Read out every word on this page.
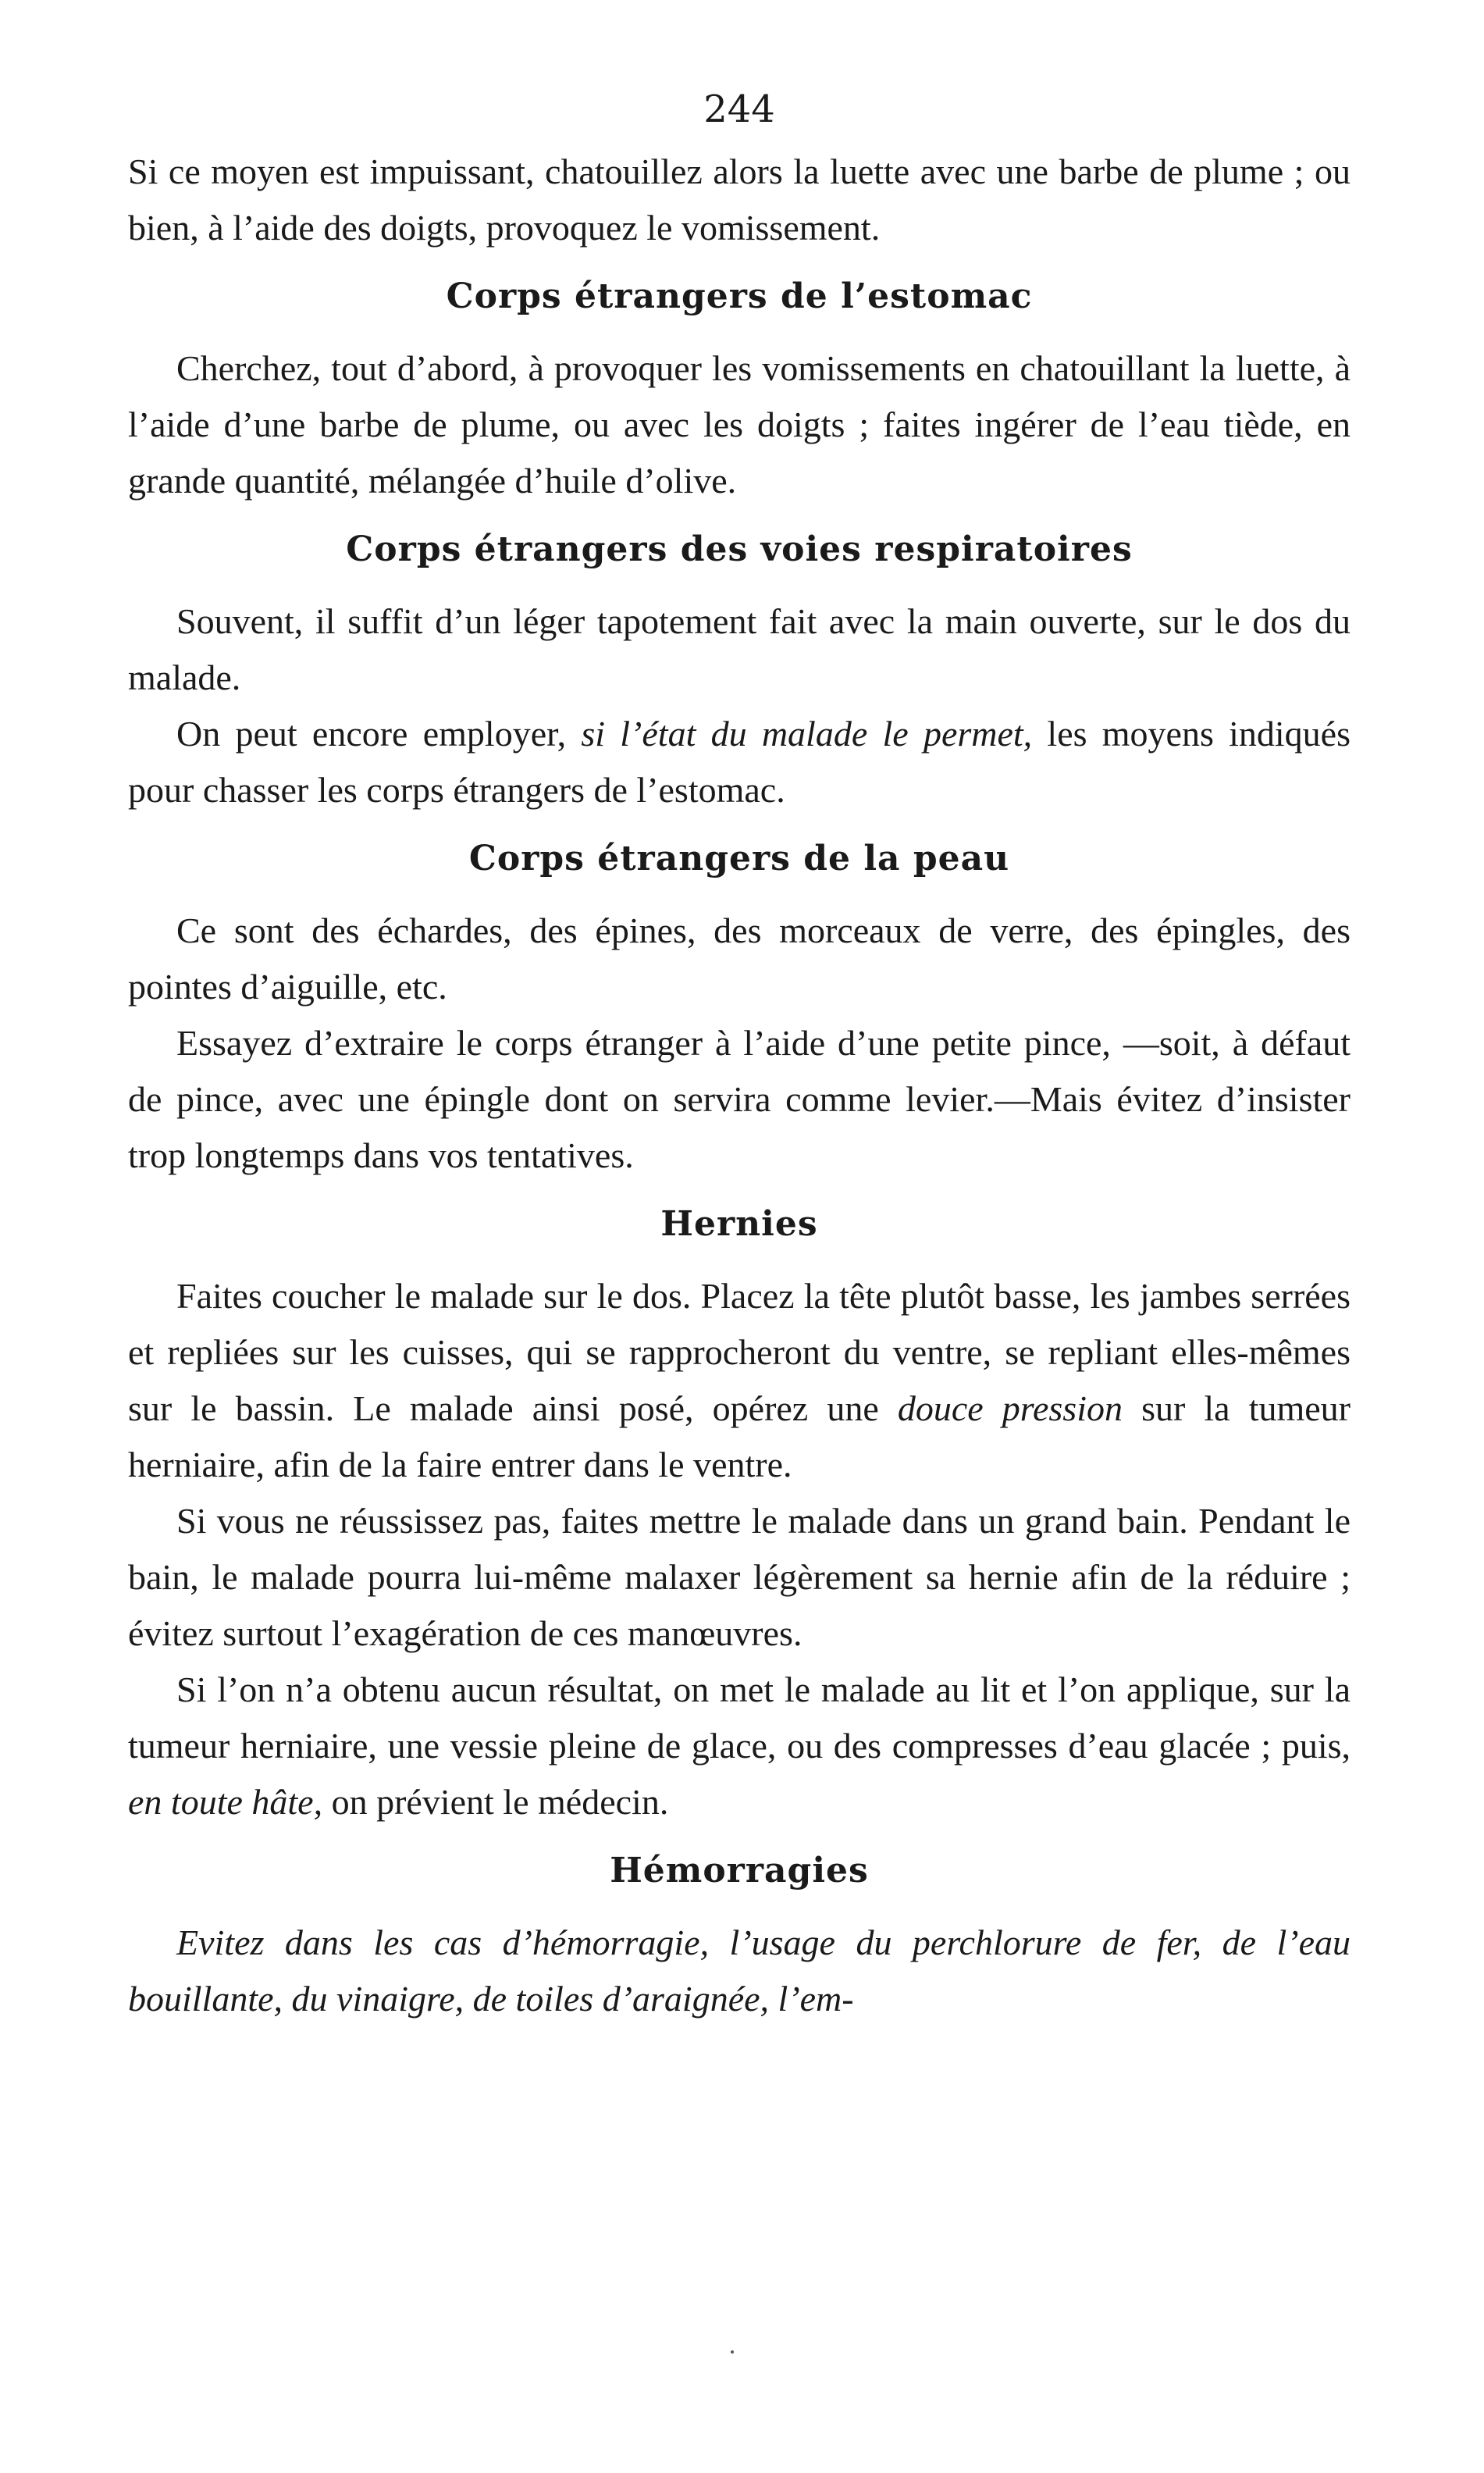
244

Si ce moyen est impuissant, chatouillez alors la luette avec une barbe de plume ; ou bien, à l’aide des doigts, provoquez le vomissement.

Corps étrangers de l’estomac

Cherchez, tout d’abord, à provoquer les vomissements en chatouillant la luette, à l’aide d’une barbe de plume, ou avec les doigts ; faites ingérer de l’eau tiède, en grande quantité, mélangée d’huile d’olive.

Corps étrangers des voies respiratoires

Souvent, il suffit d’un léger tapotement fait avec la main ouverte, sur le dos du malade.

On peut encore employer, si l’état du malade le permet, les moyens indiqués pour chasser les corps étrangers de l’estomac.

Corps étrangers de la peau

Ce sont des échardes, des épines, des morceaux de verre, des épingles, des pointes d’aiguille, etc.

Essayez d’extraire le corps étranger à l’aide d’une petite pince, —soit, à défaut de pince, avec une épingle dont on servira comme levier.—Mais évitez d’insister trop longtemps dans vos tentatives.

Hernies

Faites coucher le malade sur le dos. Placez la tête plutôt basse, les jambes serrées et repliées sur les cuisses, qui se rapprocheront du ventre, se repliant elles-mêmes sur le bassin. Le malade ainsi posé, opérez une douce pression sur la tumeur herniaire, afin de la faire entrer dans le ventre.

Si vous ne réussissez pas, faites mettre le malade dans un grand bain. Pendant le bain, le malade pourra lui-même malaxer légèrement sa hernie afin de la réduire ; évitez surtout l’exagération de ces manœuvres.

Si l’on n’a obtenu aucun résultat, on met le malade au lit et l’on applique, sur la tumeur herniaire, une vessie pleine de glace, ou des compresses d’eau glacée ; puis, en toute hâte, on prévient le médecin.

Hémorragies

Evitez dans les cas d’hémorragie, l’usage du perchlorure de fer, de l’eau bouillante, du vinaigre, de toiles d’araignée, l’em-
